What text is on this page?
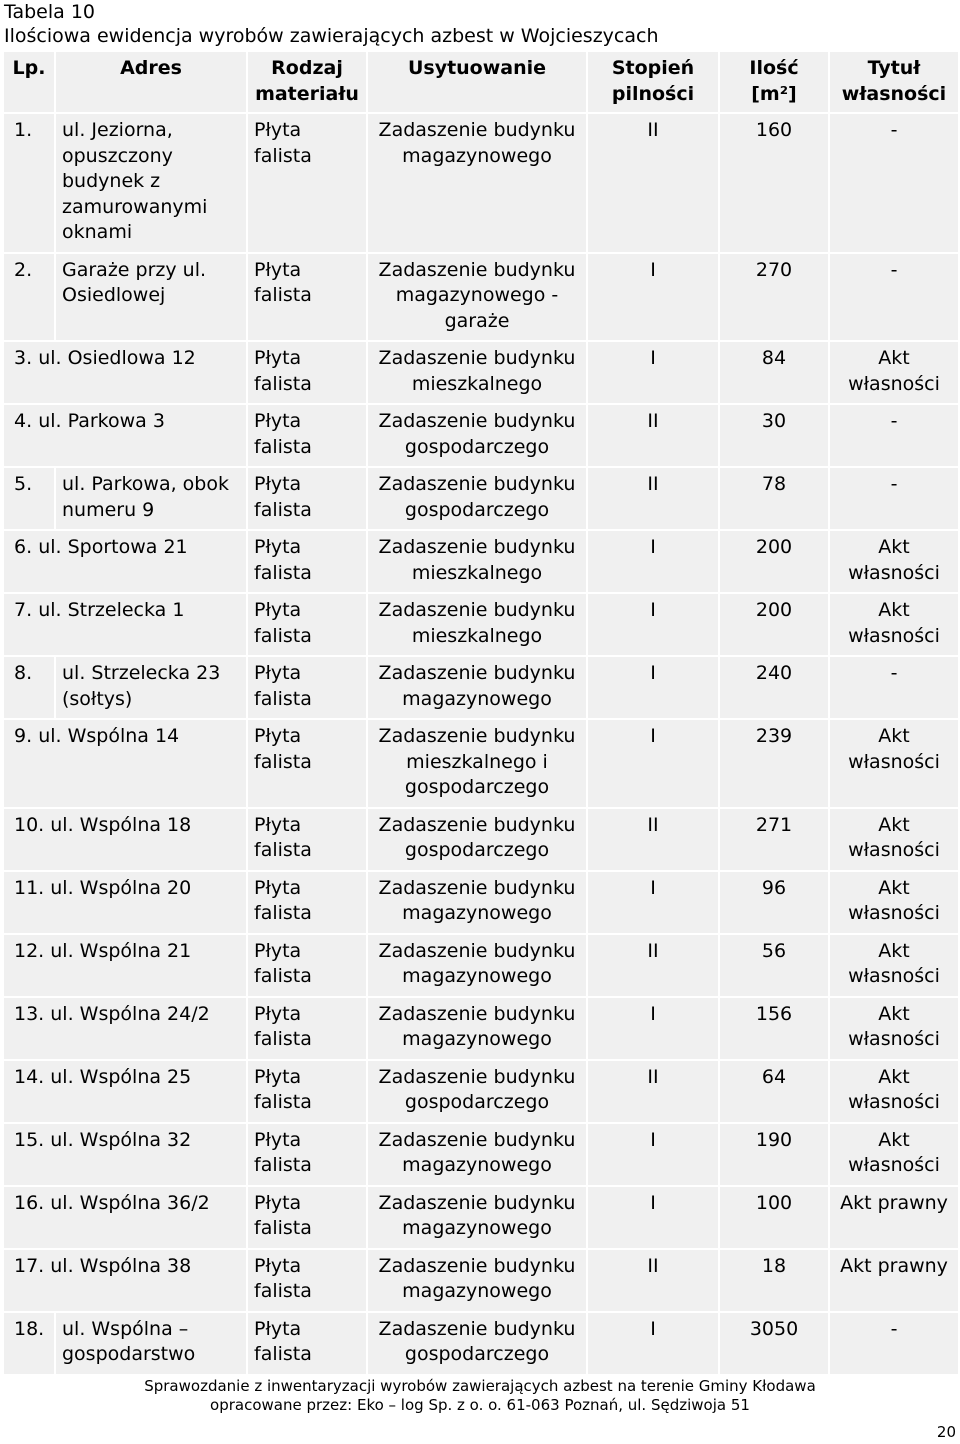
Tabela 10
Ilościowa ewidencja wyrobów zawierających azbest w Wojcieszycach
Lp.	Adres	Rodzaj materiału	Usytuowanie	Stopień pilności	Ilość [m²]	Tytuł własności
1.	ul. Jeziorna, opuszczony budynek z zamurowanymi oknami	Płyta falista	Zadaszenie budynku magazynowego	II	160	-
2.	Garaże przy ul. Osiedlowej	Płyta falista	Zadaszenie budynku magazynowego - garaże	I	270	-
3. ul. Osiedlowa 12		Płyta falista	Zadaszenie budynku mieszkalnego	I	84	Akt własności
4. ul. Parkowa 3		Płyta falista	Zadaszenie budynku gospodarczego	II	30	-
5.	ul. Parkowa, obok numeru 9	Płyta falista	Zadaszenie budynku gospodarczego	II	78	-
6. ul. Sportowa 21		Płyta falista	Zadaszenie budynku mieszkalnego	I	200	Akt własności
7. ul. Strzelecka 1		Płyta falista	Zadaszenie budynku mieszkalnego	I	200	Akt własności
8.	ul. Strzelecka 23 (sołtys)	Płyta falista	Zadaszenie budynku magazynowego	I	240	-
9. ul. Wspólna 14		Płyta falista	Zadaszenie budynku mieszkalnego i gospodarczego	I	239	Akt własności
10. ul. Wspólna 18		Płyta falista	Zadaszenie budynku gospodarczego	II	271	Akt własności
11. ul. Wspólna 20		Płyta falista	Zadaszenie budynku magazynowego	I	96	Akt własności
12. ul. Wspólna 21		Płyta falista	Zadaszenie budynku magazynowego	II	56	Akt własności
13. ul. Wspólna 24/2		Płyta falista	Zadaszenie budynku magazynowego	I	156	Akt własności
14. ul. Wspólna 25		Płyta falista	Zadaszenie budynku gospodarczego	II	64	Akt własności
15. ul. Wspólna 32		Płyta falista	Zadaszenie budynku magazynowego	I	190	Akt własności
16. ul. Wspólna 36/2		Płyta falista	Zadaszenie budynku magazynowego	I	100	Akt prawny
17. ul. Wspólna 38		Płyta falista	Zadaszenie budynku magazynowego	II	18	Akt prawny
18.	ul. Wspólna – gospodarstwo	Płyta falista	Zadaszenie budynku gospodarczego	I	3050	-
Sprawozdanie z inwentaryzacji wyrobów zawierających azbest na terenie Gminy Kłodawa
opracowane przez: Eko – log Sp. z o. o. 61-063 Poznań, ul. Sędziwoja 51
20
